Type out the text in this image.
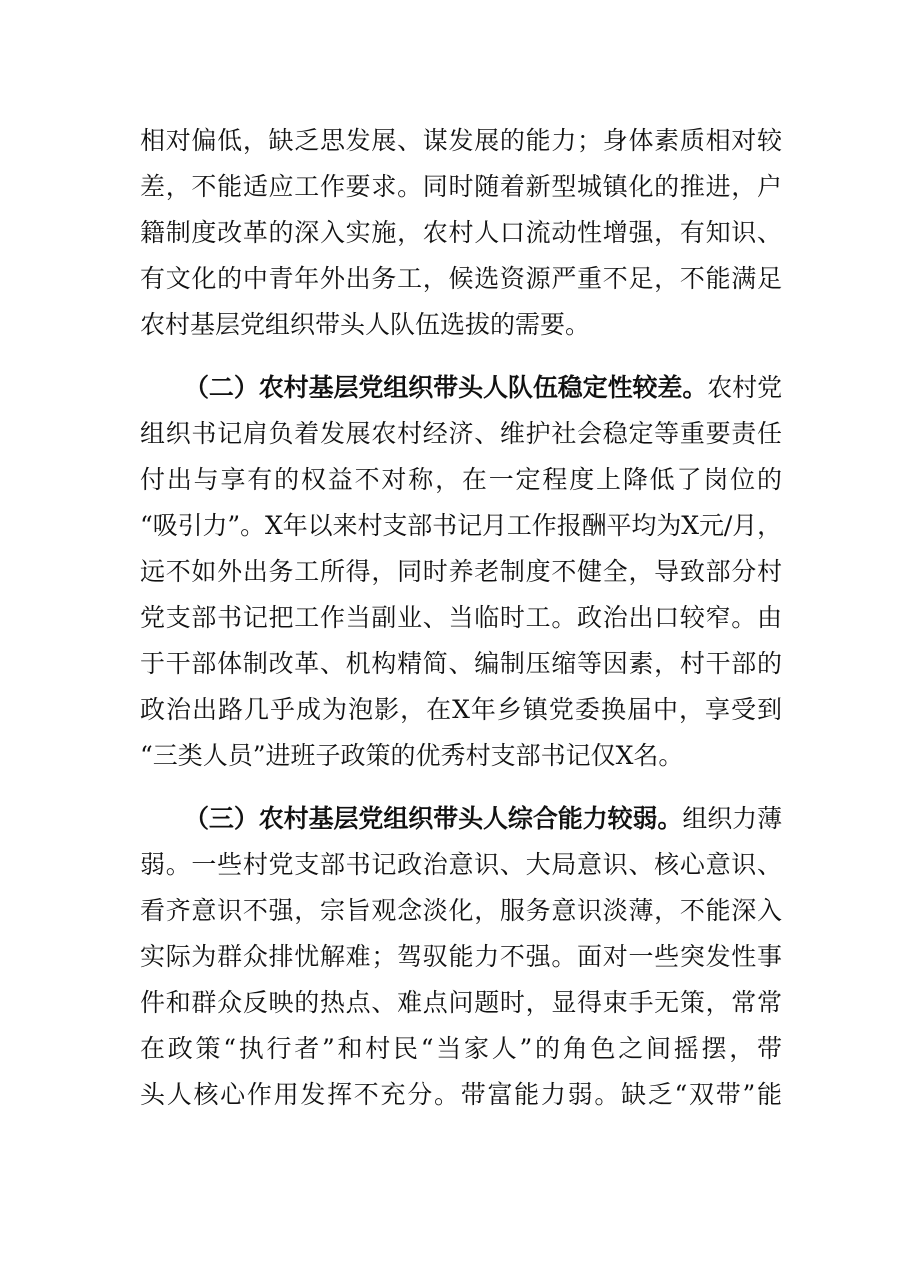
相对偏低，缺乏思发展、谋发展的能力；身体素质相对较
差，不能适应工作要求。同时随着新型城镇化的推进，户
籍制度改革的深入实施，农村人口流动性增强，有知识、
有文化的中青年外出务工，候选资源严重不足，不能满足
农村基层党组织带头人队伍选拔的需要。
（二）农村基层党组织带头人队伍稳定性较差。农村党
组织书记肩负着发展农村经济、维护社会稳定等重要责任
付出与享有的权益不对称，在一定程度上降低了岗位的
“吸引力”。X年以来村支部书记月工作报酬平均为X元/月，
远不如外出务工所得，同时养老制度不健全，导致部分村
党支部书记把工作当副业、当临时工。政治出口较窄。由
于干部体制改革、机构精简、编制压缩等因素，村干部的
政治出路几乎成为泡影，在X年乡镇党委换届中，享受到
“三类人员”进班子政策的优秀村支部书记仅X名。
（三）农村基层党组织带头人综合能力较弱。组织力薄
弱。一些村党支部书记政治意识、大局意识、核心意识、
看齐意识不强，宗旨观念淡化，服务意识淡薄，不能深入
实际为群众排忧解难；驾驭能力不强。面对一些突发性事
件和群众反映的热点、难点问题时，显得束手无策，常常
在政策“执行者”和村民“当家人”的角色之间摇摆，带
头人核心作用发挥不充分。带富能力弱。缺乏“双带”能
